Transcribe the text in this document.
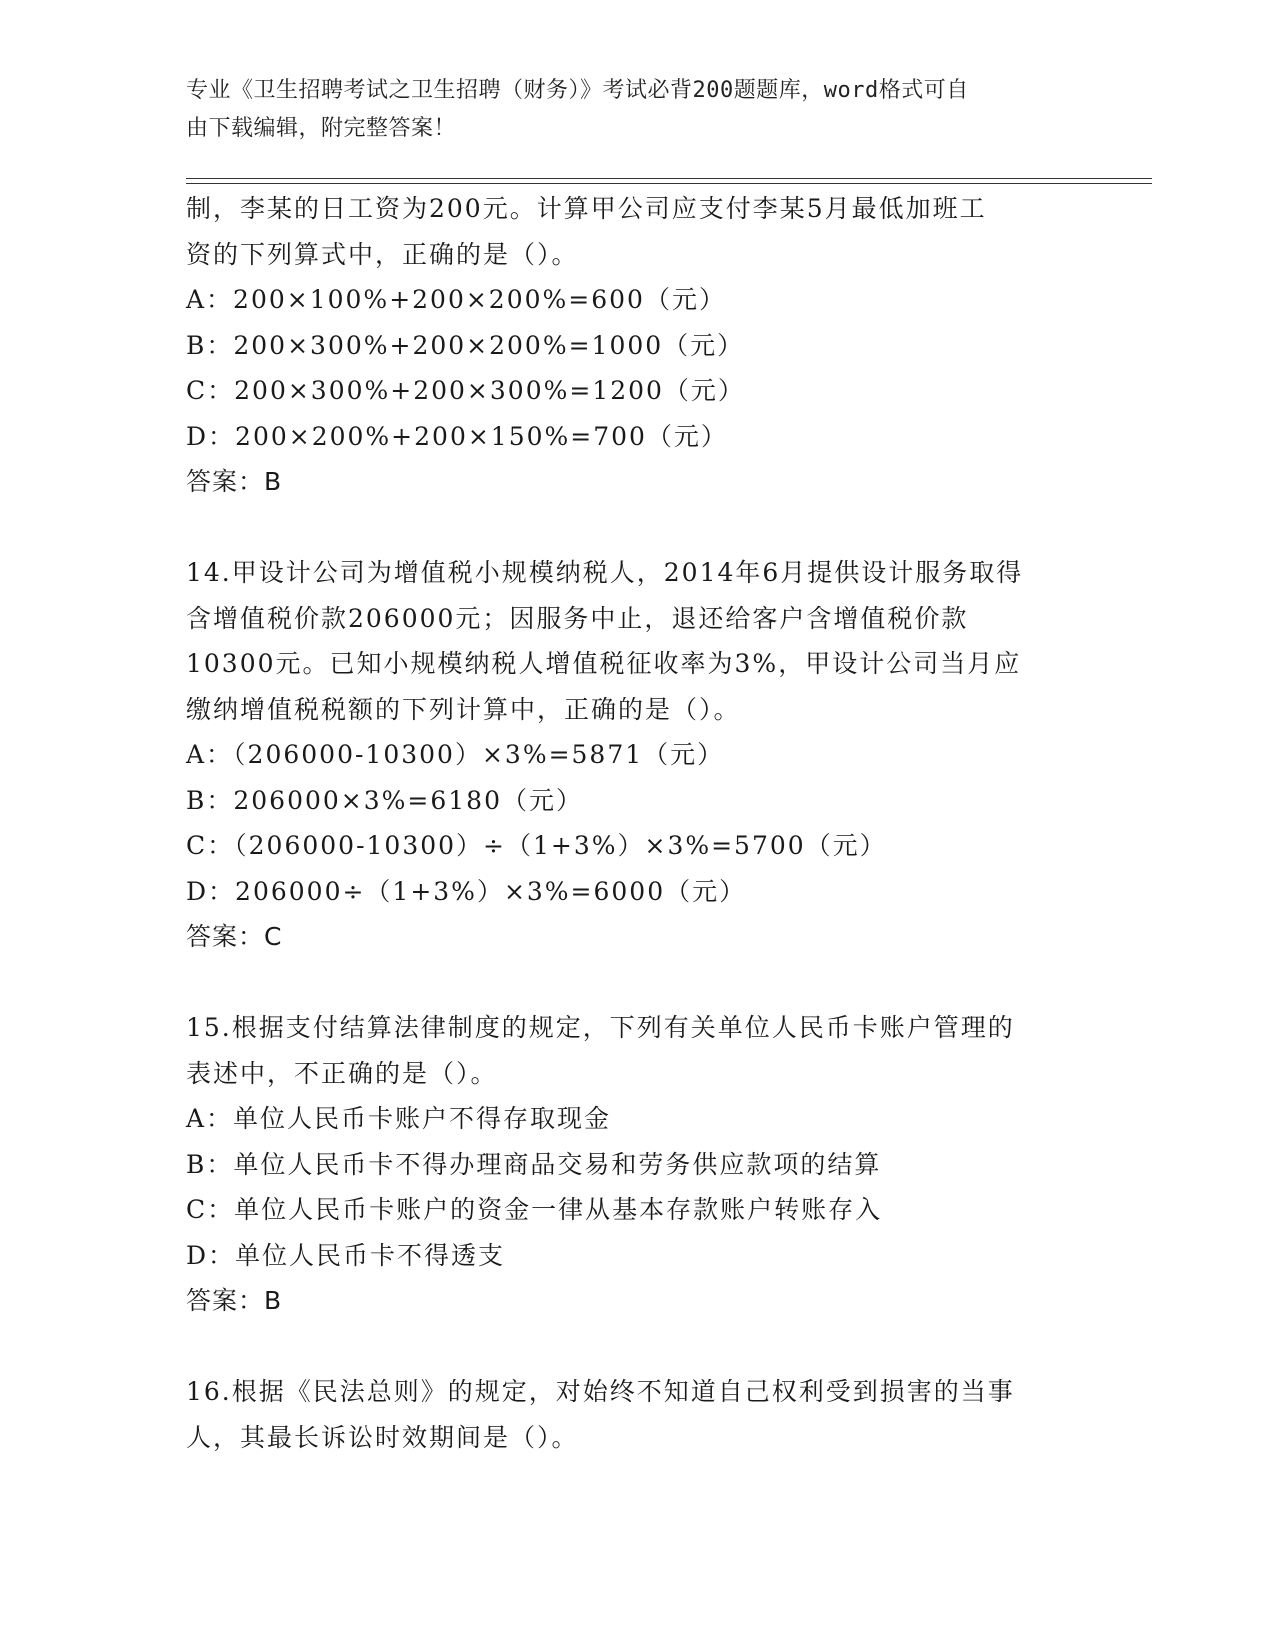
专业《卫生招聘考试之卫生招聘（财务）》考试必背200题题库，word格式可自
由下载编辑，附完整答案！
制，李某的日工资为200元。计算甲公司应支付李某5月最低加班工
资的下列算式中，正确的是（）。
A：200×100%+200×200%=600（元）
B：200×300%+200×200%=1000（元）
C：200×300%+200×300%=1200（元）
D：200×200%+200×150%=700（元）
答案：B
14.甲设计公司为增值税小规模纳税人，2014年6月提供设计服务取得
含增值税价款206000元；因服务中止，退还给客户含增值税价款
10300元。已知小规模纳税人增值税征收率为3%，甲设计公司当月应
缴纳增值税税额的下列计算中，正确的是（）。
A：（206000-10300）×3%=5871（元）
B：206000×3%=6180（元）
C：（206000-10300）÷（1+3%）×3%=5700（元）
D：206000÷（1+3%）×3%=6000（元）
答案：C
15.根据支付结算法律制度的规定，下列有关单位人民币卡账户管理的
表述中，不正确的是（）。
A：单位人民币卡账户不得存取现金
B：单位人民币卡不得办理商品交易和劳务供应款项的结算
C：单位人民币卡账户的资金一律从基本存款账户转账存入
D：单位人民币卡不得透支
答案：B
16.根据《民法总则》的规定，对始终不知道自己权利受到损害的当事
人，其最长诉讼时效期间是（）。
